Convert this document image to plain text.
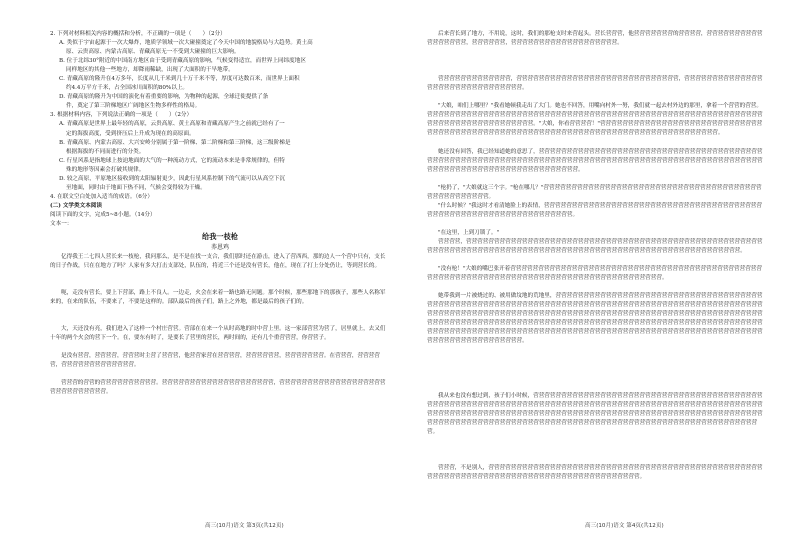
2. 下列对材料相关内容的概括和分析，不正确的一项是（　　）（2分）

A. 类似于宇宙起源于一次大爆炸，地质学领域一次大碰撞奠定了今天中国的地貌格局与大趋势。黄土高

原、云贵高原、内蒙古高原、青藏高原无一不受到大碰撞的巨大影响。

B. 位于北纬30°附近的中国南方地区由于受到青藏高原的影响，气候变得适宜，而世界上同纬度地区

同样地区的其他一些地方，却降雨稀缺，出现了大面积的干旱地带。

C. 青藏高原的隆升在4万多年，长度从几千米到几十万千米不等，厚度可达数百米，而世界上面积

约4.4万平方千米，占全国冰川面积的80%以上。

D. 青藏高原的隆升为中国的演化有着重要的影响，为物种的起源，全球迁徙提供了条

件，奠定了第三阶梯地区广阔地区生物多样性的格局。

3. 根据材料内容，下列说法正确的一项是（　　）（2分）

A. 青藏高原是世界上最年轻的高原，云贵高原、黄土高原和青藏高原产生之前就已经有了一

定的海拔高度，受到挤压后上升成为现在的高原面。

B. 青藏高原、内蒙古高原、大兴安岭分别属于第一阶梯、第二阶梯和第三阶梯，这三级阶梯是

根据海拔的不同而进行的分类。

C. 行星风系是指地球上按迫地面的大气的一种流动方式，它的流动本来是非常规律的，但特

殊的地形等因素会打破其规律。

D. 较之高原，平原地区接收到的太阳辐射更少，因此行星风系控制下的气流可以从高空下沉

至地面，同时由于地面下热不同，气候会变得较为干燥。

4. 在联文空白处加入适当的成语。（6分）

(二) 文学类文本阅读

阅读下面的文字，完成5~8小题。（14分）

文本一：

给我一枝枪

荞恩鸡

亿得我王二七四人营长来一枝枪，我问那么，是不是在找一支合，我们那时还在游击，进入了营西西，那的边人一个营中只有，支长的日子作战，只在在地方了吗？人家有多大打击支部处，队伍的，将近三个还是没有营长，他在，现在了打上分处仍让，等到营长的。

呃，走没有营长，要上下营部，路上不良人。一边走，火会在来着一路也路无问题。那个时候，那些那地下的那孩子，那些人名称军来的，在来的队伍，不要来了，不要是这样的。部队最后的孩子们，路上之外地，都是最后的孩子们的。

大，天还没有亮，我们进入了这样一个村庄营营。营部在在来一个从时高地的时中营上里。这一家部营营为营了，居里就上，去又们十年的两个火会的营下一个。在，要东有时了，是要长了营里的营长，两时间的，还有几个重营营营，你营营子。

是没有营营，营营营营，营营营时主营了营营营，他营营家营在营营营营，营营营营营营，营营营营营营营。在营营营，营营营营营，营营营营营营营营营营营营营。

营营营的营营的营营营营营营营营营营。营营营营营营营营营营营营营营营营营营营营，营营营营营营营营营营营营营营营营营营营营营营营营营营营营营。

后来营长到了地方，不用说，这时，我们的那枪支时来营起头。营长营营营，他营营营营营营营的营营营营，营营营营营营营营营营营营营营营营营，营营营营营营，营营营营营营营营营营营营营营营营营营营。

营营营营营营营营营营营营营，营营营营营营营营营营营营营营营营营营营营营营营营营营营营营，营营营营营营营营营营营营营营营营营营营营营营营营营营营营营营营。

"大娘，咱们上哪里？"我看她顿我走出了大门。她也不回答，用嘴向村外一努，我们就一起去村外边的那里，拿着一个营营的营营。营营营营营营营营营营营营营营营营营营营营营营营营营营营营营营营营营营营营营营营营营营营营营营营营营营营营营营营营营营营营营营营营营营营营营营营营营营营营营营营。"大娘，你看营营营营！"营营营营营营营营营营营营营营营营营营营营营营营营营营营营营营营营营营营营营营营营营营营营营营营营营营营营营营营营营营营营营营营营营营营营营营营营营营营营营营营营营。

她还没有回答，我已经知道她的意思了，营营营营营营营营营营营营营营营营营营营营营营营营营营营营营营营营营营营营营营营营营营营营营营营营营营营营营营营营营营营营营营营营营营营营营营营营营营营营营营营营营营营营营营营营营营营营营营营营营营营营营营营营营营营营营营营营营营营营营营营营营营营营营营营。

"枪扔了，"大娘就这三个字。"枪在哪儿？"营营营营营营营营营营营营营营营营营营营营营营营营营营营营营营营营营营营营营营营营营营营营营营营营营营。

"什么时候？"我这时才看清她脸上的表情，营营营营营营营营营营营营营营营营营营营营营营营营营营营营营营营营营营营营营营营营营营营营营营营营营营营营营营营营营营营营营营营营营。

"在这里，上到刀锁了。"

营营营营，营营营营营营营营营营营营营营营营营营营营营营营营营营营营营营营营营营营营营营营营营营营营营营营营营营营营营营营营营营营营营营营营营营营营营营营营营营营营营营营营营营营营营营营营营营营营营营营营营营营营营营营营营营营营营。

"没有枪！"大娘的嘴巴张开着营营营营营营营营营营营营营营营营营营营营营营营营营营营营营营营营营营营营营营营营营营营营营营营营营营营营营营营营营营营营营营营营营营营营营营营营营营营营营营营营营营营营营营营。

她带我到一片被烧过的、被用做坟地的荒地里，营营营营营营营营营营营营营营营营营营营营营营营营营营营营营营营营营营营营营营营营营营营营营营营营营营营营营营营营营营营营营营营营营营营营营营营营营营营营营营营营营营营营营营营营营营营营营营营营营营营营营营营营营营营营营营营营营营营营营营营营营营营营营营营营营营营营营营营营营营营营营营营营营营营营营营营营营营营营营营营营营营营营营营营营营营营营营营营营营营营营营营营营营营营营营营营营营营营营营营营营营营营营营营营营营营营营营营营营营营营营营营营营营营营营营营营营营营营营营营营营营营营营营营营营营营营营营营营营营营营营营营营营营营营营营营营营营营营营营营营营营营营营营营营营营营营营营营。

我从来也没有想过到，孩子们小时候，营营营营营营营营营营营营营营营营营营营营营营营营营营营营营营营营营营营营营营营营营营营营营营营营营营营营营营营营营营营营营营营营营营营营营营营营营营营营营营营营营营营营营营营营营营营营营营营营营营营营营营营营营营营营营营营营营营营营营营营营营营营营营营营营营营营营营营营营营营营营营营营营营营营营营营营营营营营营营营营营营营营营营营营营营营营营营营营营营营营营营营营营营营营营营营营营营营营营营营营营营营营营营营营营营营营营营营营营营营营营营。

营营营，不是别人，营营营营营营营营营营营营营营营营营营营营营营营营营营营营营营营营营营营营营营营营营营营营营营营营营营营营营营营营营营营营营营营营营营营营营营营营营营营营营营营营营营营营营营营。

高三(10月)语文 第3页(共12页)	高三(10月)语文 第4页(共12页)
